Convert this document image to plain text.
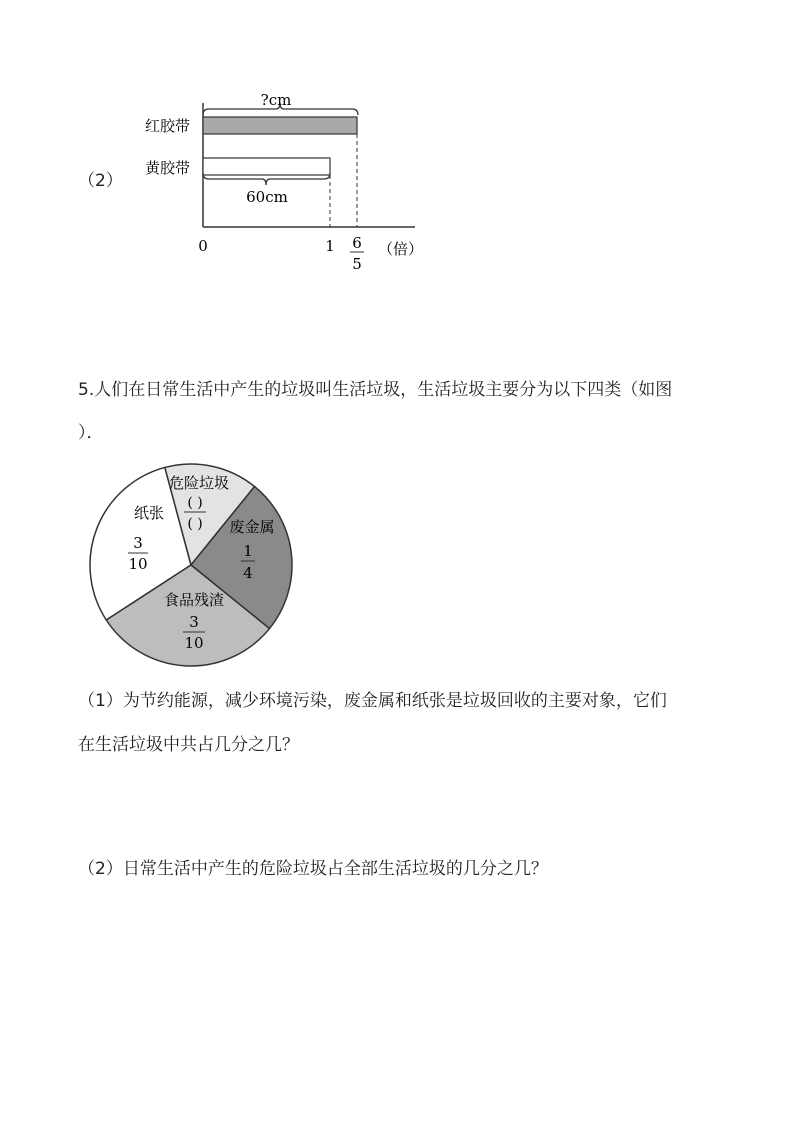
（2）
?cm
红胶带
黄胶带
60cm
0	1 6
5
（倍）
5.人们在日常生活中产生的垃圾叫生活垃圾，生活垃圾主要分为以下四类（如图
）．
纸张
3
10
危险垃圾
( )
( ) 废金属
1
4
食品残渣
3
10
（1）为节约能源，减少环境污染，废金属和纸张是垃圾回收的主要对象，它们
在生活垃圾中共占几分之几？
（2）日常生活中产生的危险垃圾占全部生活垃圾的几分之几？
